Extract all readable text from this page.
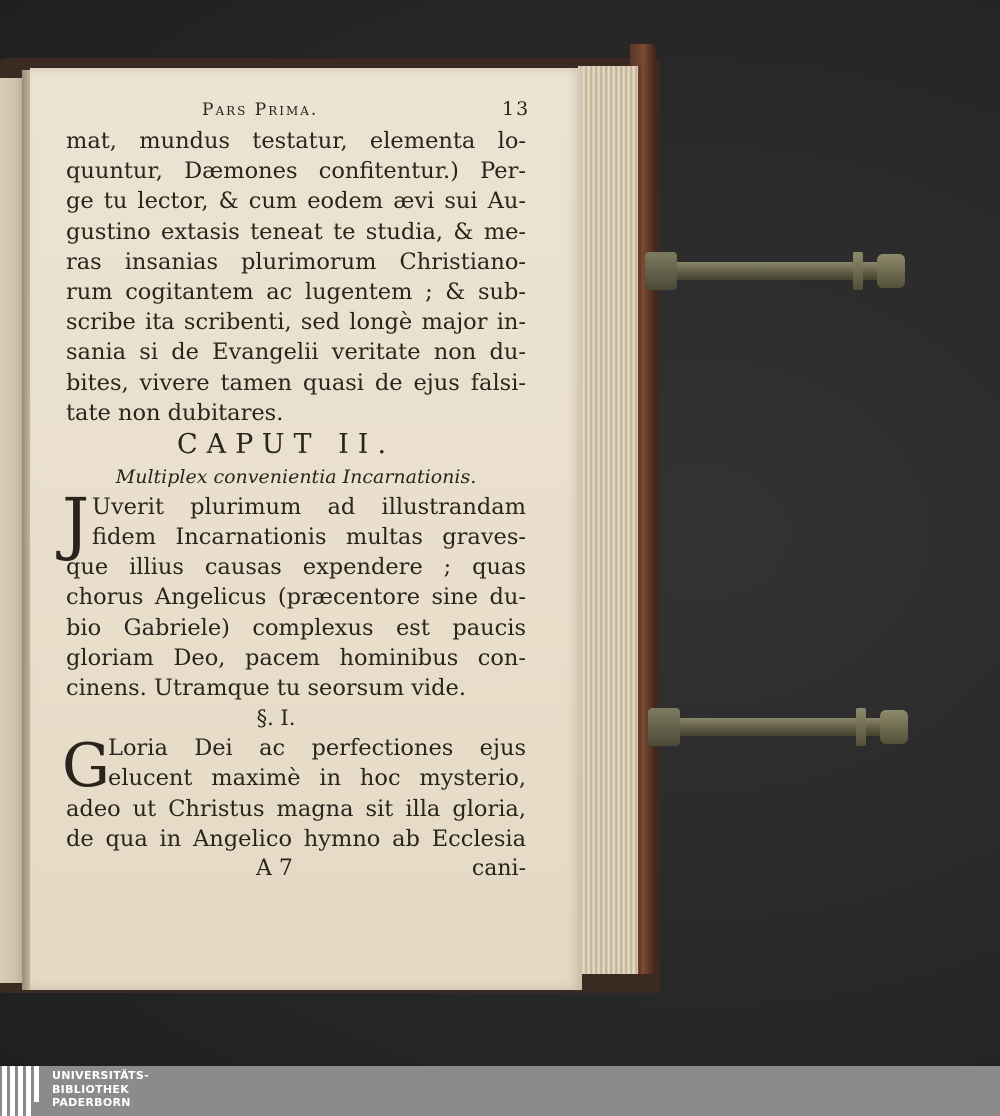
Pars Prima.	13
mat, mundus testatur, elementa lo-
quuntur, Dæmones confitentur.) Per-
ge tu lector, & cum eodem ævi sui Au-
gustino extasis teneat te studia, & me-
ras insanias plurimorum Christiano-
rum cogitantem ac lugentem ; & sub-
scribe ita scribenti, sed longè major in-
sania si de Evangelii veritate non du-
bites, vivere tamen quasi de ejus falsi-
tate non dubitares.
CAPUT II.
Multiplex convenientia Incarnationis.
J Uverit plurimum ad illustrandam
fidem Incarnationis multas graves-
que illius causas expendere ; quas
chorus Angelicus (præcentore sine du-
bio Gabriele) complexus est paucis
gloriam Deo, pacem hominibus con-
cinens. Utramque tu seorsum vide.
§. I.
G
Loria Dei ac perfectiones ejus
elucent maximè in hoc mysterio,
adeo ut Christus magna sit illa gloria,
de qua in Angelico hymno ab Ecclesia
A 7	cani-
UNIVERSITÄTS-
BIBLIOTHEK
PADERBORN
